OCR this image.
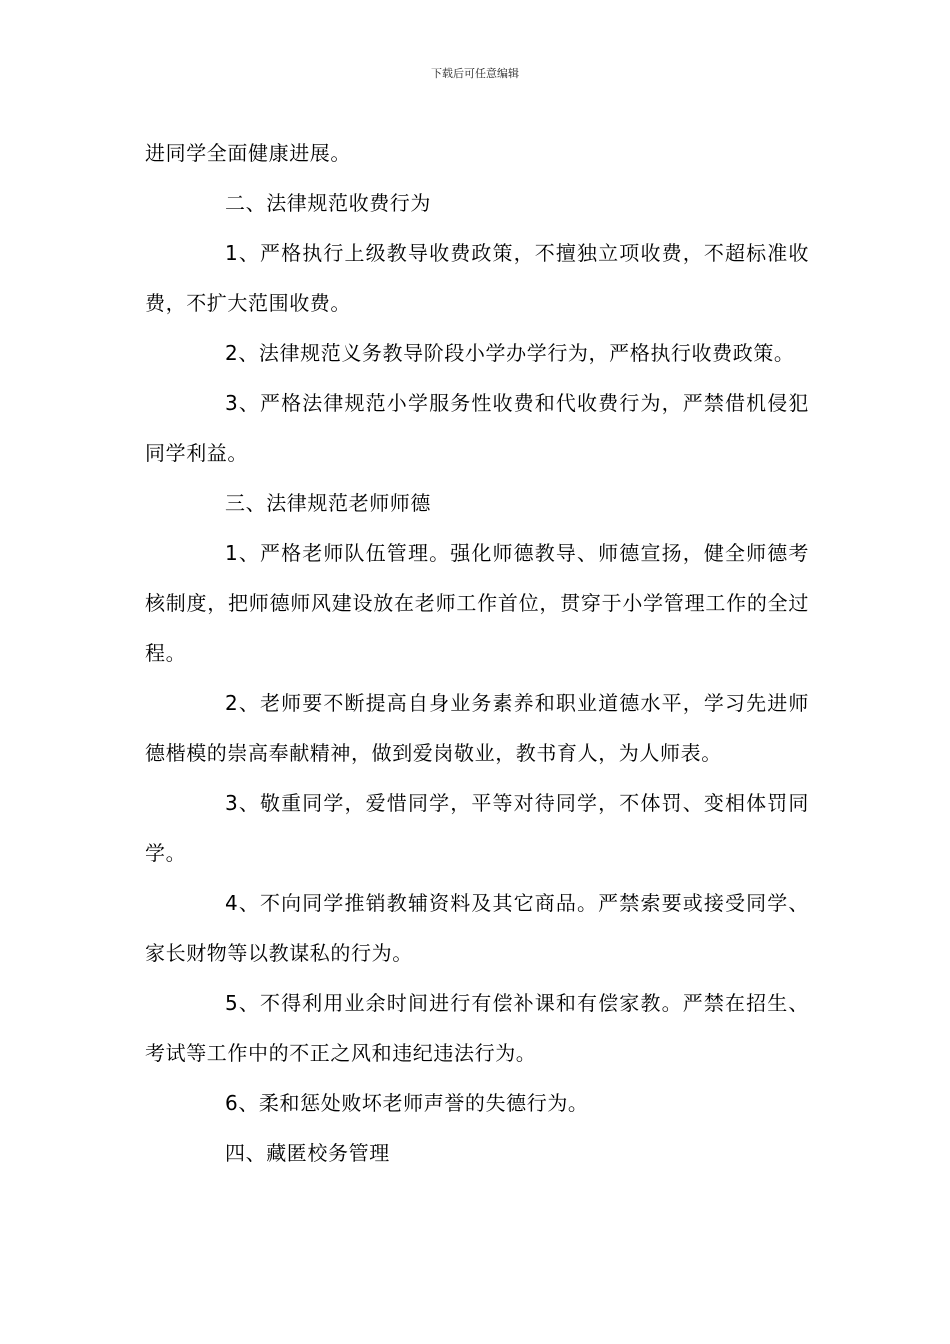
下载后可任意编辑

进同学全面健康进展。

二、法律规范收费行为

1、严格执行上级教导收费政策，不擅独立项收费，不超标准收费，不扩大范围收费。

2、法律规范义务教导阶段小学办学行为，严格执行收费政策。

3、严格法律规范小学服务性收费和代收费行为，严禁借机侵犯同学利益。

三、法律规范老师师德

1、严格老师队伍管理。强化师德教导、师德宣扬，健全师德考核制度，把师德师风建设放在老师工作首位，贯穿于小学管理工作的全过程。

2、老师要不断提高自身业务素养和职业道德水平，学习先进师德楷模的崇高奉献精神，做到爱岗敬业，教书育人，为人师表。

3、敬重同学，爱惜同学，平等对待同学，不体罚、变相体罚同学。

4、不向同学推销教辅资料及其它商品。严禁索要或接受同学、家长财物等以教谋私的行为。

5、不得利用业余时间进行有偿补课和有偿家教。严禁在招生、考试等工作中的不正之风和违纪违法行为。

6、柔和惩处败坏老师声誉的失德行为。

四、藏匿校务管理
